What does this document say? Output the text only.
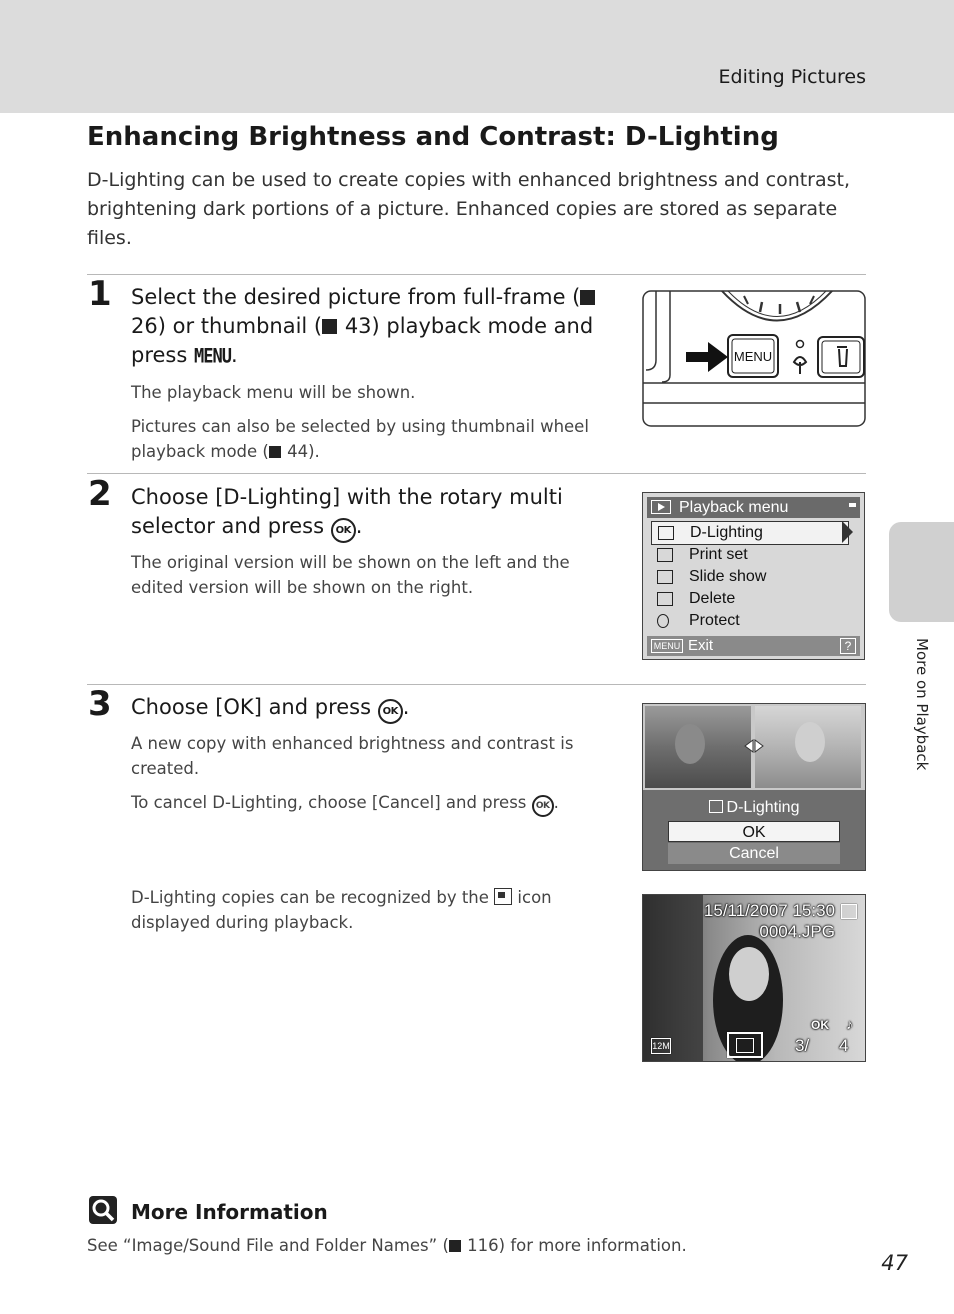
Editing Pictures
More on Playback
Enhancing Brightness and Contrast: D-Lighting
D-Lighting can be used to create copies with enhanced brightness and contrast, brightening dark portions of a picture. Enhanced copies are stored as separate files.
1 Select the desired picture from full-frame ( 26) or thumbnail ( 43) playback mode and press MENU.
The playback menu will be shown.
Pictures can also be selected by using thumbnail wheel playback mode ( 44).
MENU
2 Choose [D-Lighting] with the rotary multi selector and press OK .
The original version will be shown on the left and the edited version will be shown on the right.
Playback menu
D-Lighting
Print set
Slide show
Delete
Protect
MENU Exit	?
3 Choose [OK] and press OK .
A new copy with enhanced brightness and contrast is created.
To cancel D-Lighting, choose [Cancel] and press OK .	D-Lighting
OK
Cancel
D-Lighting copies can be recognized by the  icon displayed during playback.
15/11/2007 15:30
0004.JPG
OK ♪
12M	3/ 4
More Information
See “Image/Sound File and Folder Names” ( 116) for more information.
47
